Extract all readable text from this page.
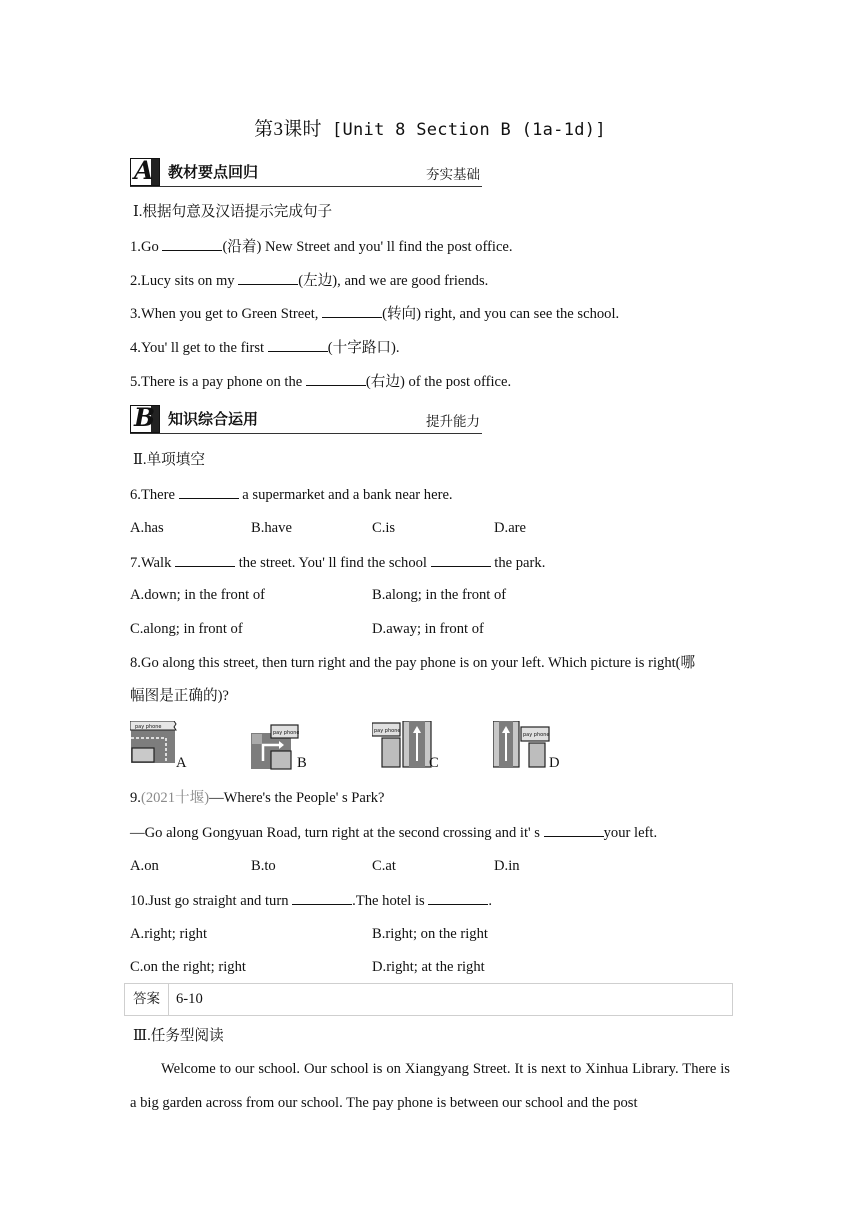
第3课时 [Unit 8 Section B (1a-1d)]
A 教材要点回归	夯实基础
Ⅰ.根据句意及汉语提示完成句子
1.Go	(沿着) New Street and you' ll find the post office.
2.Lucy sits on my	(左边), and we are good friends.
3.When you get to Green Street,	(转向) right, and you can see the school.
4.You' ll get to the first	(十字路口).
5.There is a pay phone on the	(右边) of the post office.
B 知识综合运用	提升能力
Ⅱ.单项填空
6.There	a supermarket and a bank near here.
A.has	B.have	C.is	D.are
7.Walk	the street. You' ll find the school	the park.
A.down; in the front of	B.along; in the front of
C.along; in front of	D.away; in front of
8.Go along this street, then turn right and the pay phone is on your left. Which picture is right(哪
幅图是正确的)?
pay phone
A
pay phone
B
pay phone
C
pay phone
D
9.(2021十堰)—Where's the People' s Park?
—Go along Gongyuan Road, turn right at the second crossing and it' s	your left.
A.on	B.to	C.at	D.in
10.Just go straight and turn	.The hotel is	.
A.right; right	B.right; on the right
C.on the right; right	D.right; at the right
答案	6-10
Ⅲ.任务型阅读
Welcome to our school. Our school is on Xiangyang Street. It is next to Xinhua Library. There is a big garden across from our school. The pay phone is between our school and the post
